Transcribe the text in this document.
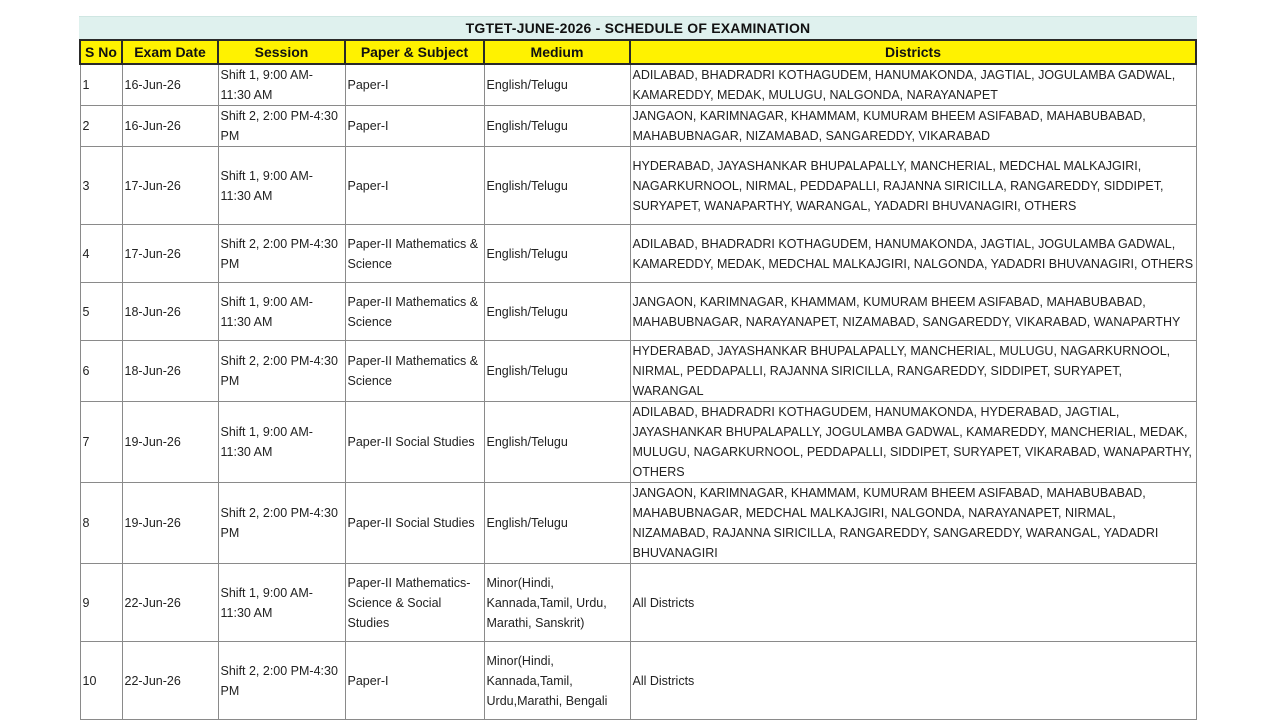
TGTET-JUNE-2026 - SCHEDULE OF EXAMINATION
S No	Exam Date	Session	Paper & Subject	Medium	Districts
1	16-Jun-26	Shift 1, 9:00 AM-11:30 AM	Paper-I	English/Telugu	ADILABAD, BHADRADRI KOTHAGUDEM, HANUMAKONDA, JAGTIAL, JOGULAMBA GADWAL, KAMAREDDY, MEDAK, MULUGU, NALGONDA, NARAYANAPET
2	16-Jun-26	Shift 2, 2:00 PM-4:30 PM	Paper-I	English/Telugu	JANGAON, KARIMNAGAR, KHAMMAM, KUMURAM BHEEM ASIFABAD, MAHABUBABAD, MAHABUBNAGAR, NIZAMABAD, SANGAREDDY, VIKARABAD
3	17-Jun-26	Shift 1, 9:00 AM-11:30 AM	Paper-I	English/Telugu	HYDERABAD, JAYASHANKAR BHUPALAPALLY, MANCHERIAL, MEDCHAL MALKAJGIRI, NAGARKURNOOL, NIRMAL, PEDDAPALLI, RAJANNA SIRICILLA, RANGAREDDY, SIDDIPET, SURYAPET, WANAPARTHY, WARANGAL, YADADRI BHUVANAGIRI, OTHERS
4	17-Jun-26	Shift 2, 2:00 PM-4:30 PM	Paper-II Mathematics & Science	English/Telugu	ADILABAD, BHADRADRI KOTHAGUDEM, HANUMAKONDA, JAGTIAL, JOGULAMBA GADWAL, KAMAREDDY, MEDAK, MEDCHAL MALKAJGIRI, NALGONDA, YADADRI BHUVANAGIRI, OTHERS
5	18-Jun-26	Shift 1, 9:00 AM-11:30 AM	Paper-II Mathematics & Science	English/Telugu	JANGAON, KARIMNAGAR, KHAMMAM, KUMURAM BHEEM ASIFABAD, MAHABUBABAD, MAHABUBNAGAR, NARAYANAPET, NIZAMABAD, SANGAREDDY, VIKARABAD, WANAPARTHY
6	18-Jun-26	Shift 2, 2:00 PM-4:30 PM	Paper-II Mathematics & Science	English/Telugu	HYDERABAD, JAYASHANKAR BHUPALAPALLY, MANCHERIAL, MULUGU, NAGARKURNOOL, NIRMAL, PEDDAPALLI, RAJANNA SIRICILLA, RANGAREDDY, SIDDIPET, SURYAPET, WARANGAL
7	19-Jun-26	Shift 1, 9:00 AM-11:30 AM	Paper-II Social Studies	English/Telugu	ADILABAD, BHADRADRI KOTHAGUDEM, HANUMAKONDA, HYDERABAD, JAGTIAL, JAYASHANKAR BHUPALAPALLY, JOGULAMBA GADWAL, KAMAREDDY, MANCHERIAL, MEDAK, MULUGU, NAGARKURNOOL, PEDDAPALLI, SIDDIPET, SURYAPET, VIKARABAD, WANAPARTHY, OTHERS
8	19-Jun-26	Shift 2, 2:00 PM-4:30 PM	Paper-II Social Studies	English/Telugu	JANGAON, KARIMNAGAR, KHAMMAM, KUMURAM BHEEM ASIFABAD, MAHABUBABAD, MAHABUBNAGAR, MEDCHAL MALKAJGIRI, NALGONDA, NARAYANAPET, NIRMAL, NIZAMABAD, RAJANNA SIRICILLA, RANGAREDDY, SANGAREDDY, WARANGAL, YADADRI BHUVANAGIRI
9	22-Jun-26	Shift 1, 9:00 AM-11:30 AM	Paper-II Mathematics-Science & Social Studies	Minor(Hindi, Kannada,Tamil, Urdu, Marathi, Sanskrit)	All Districts
10	22-Jun-26	Shift 2, 2:00 PM-4:30 PM	Paper-I	Minor(Hindi, Kannada,Tamil, Urdu,Marathi, Bengali	All Districts
